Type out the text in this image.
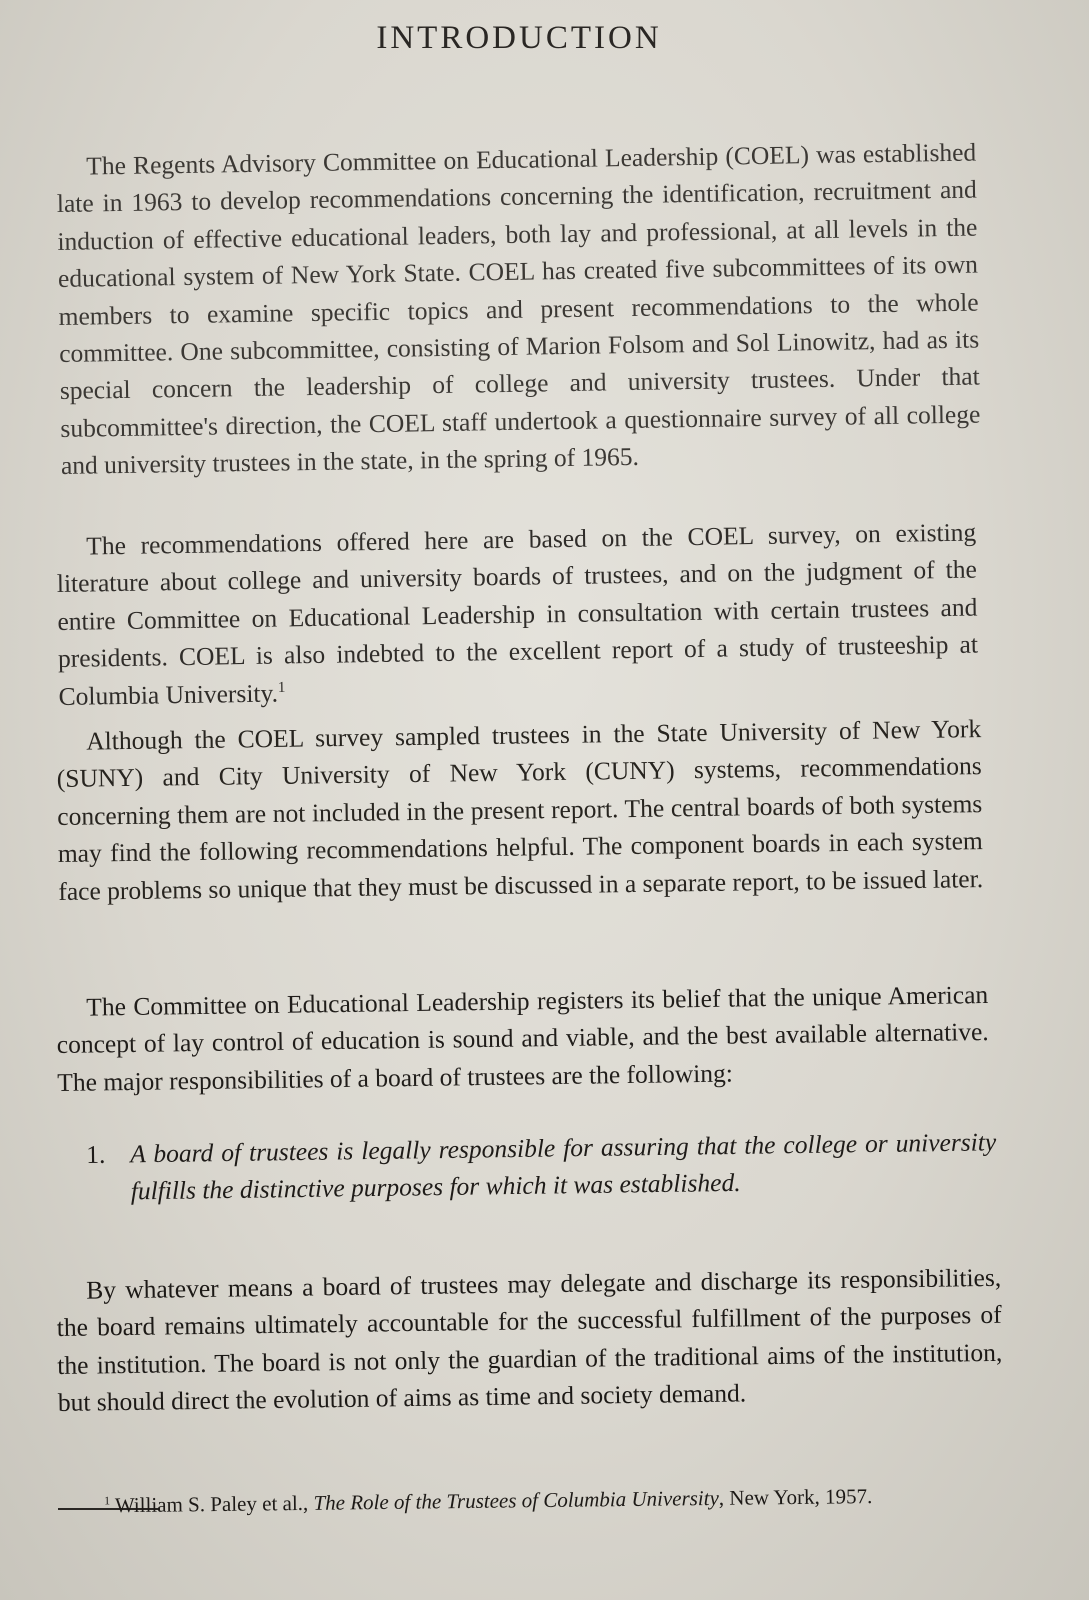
INTRODUCTION

The Regents Advisory Committee on Educational Leadership (COEL) was established late in 1963 to develop recommendations concerning the identification, recruitment and induction of effective educational leaders, both lay and professional, at all levels in the educational system of New York State. COEL has created five subcommittees of its own members to examine specific topics and present recommendations to the whole committee. One subcommittee, consisting of Marion Folsom and Sol Linowitz, had as its special concern the leadership of college and university trustees. Under that subcommittee's direction, the COEL staff undertook a questionnaire survey of all college and university trustees in the state, in the spring of 1965.

The recommendations offered here are based on the COEL survey, on existing literature about college and university boards of trustees, and on the judgment of the entire Committee on Educational Leadership in consultation with certain trustees and presidents. COEL is also indebted to the excellent report of a study of trusteeship at Columbia University.$^1$

Although the COEL survey sampled trustees in the State University of New York (SUNY) and City University of New York (CUNY) systems, recommendations concerning them are not included in the present report. The central boards of both systems may find the following recommendations helpful. The component boards in each system face problems so unique that they must be discussed in a separate report, to be issued later.

The Committee on Educational Leadership registers its belief that the unique American concept of lay control of education is sound and viable, and the best available alternative. The major responsibilities of a board of trustees are the following:

1. A board of trustees is legally responsible for assuring that the college or university fulfills the distinctive purposes for which it was established.

By whatever means a board of trustees may delegate and discharge its responsibilities, the board remains ultimately accountable for the successful fulfillment of the purposes of the institution. The board is not only the guardian of the traditional aims of the institution, but should direct the evolution of aims as time and society demand.

$^1$ William S. Paley et al., The Role of the Trustees of Columbia University, New York, 1957.
